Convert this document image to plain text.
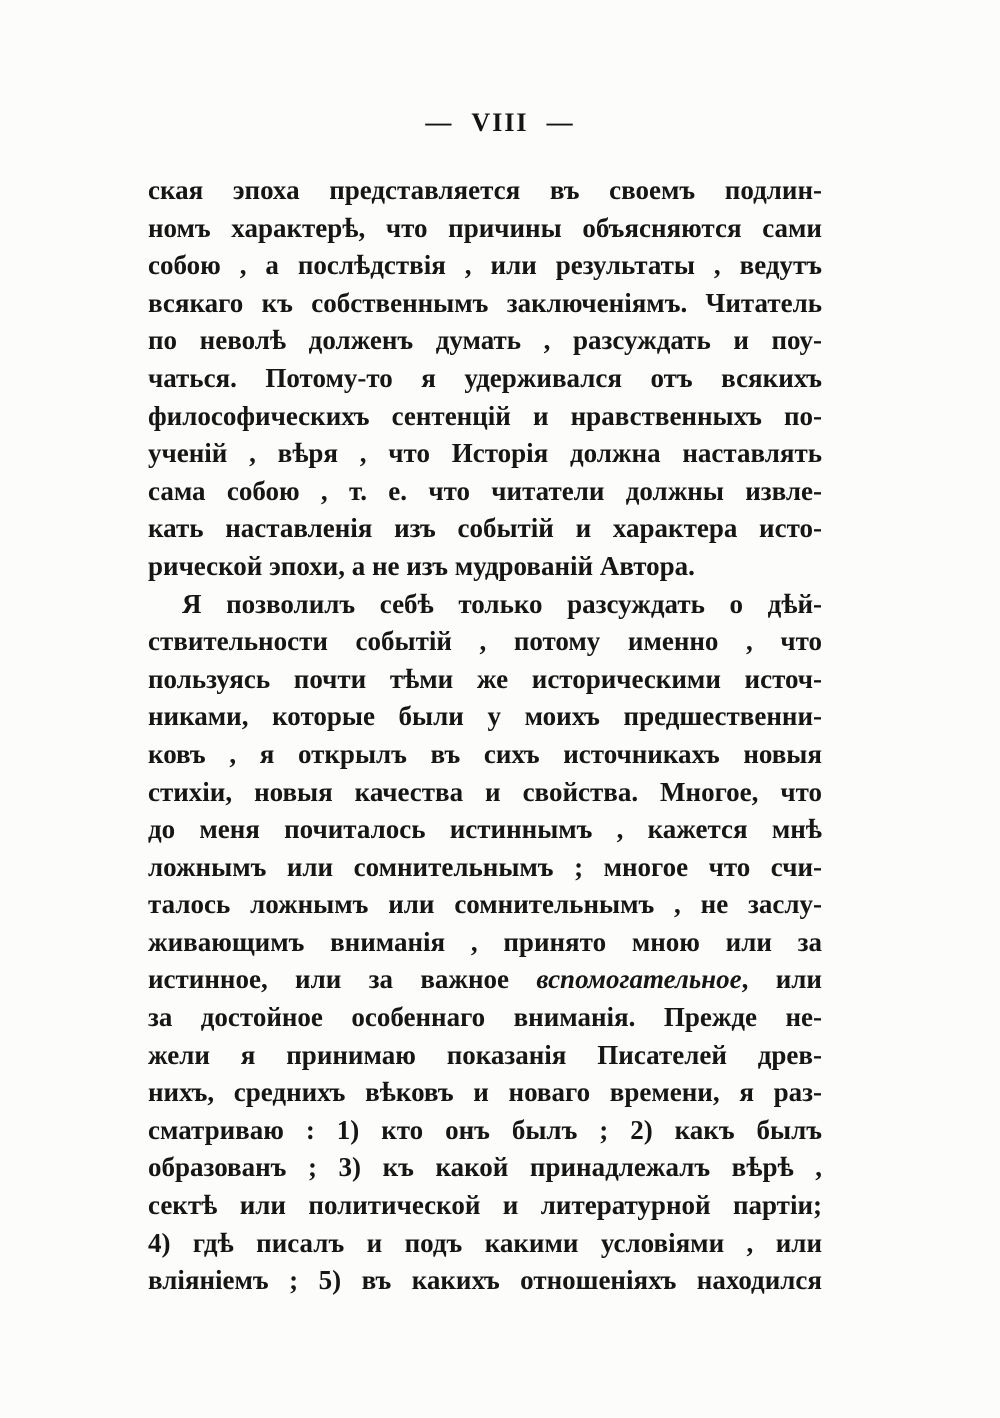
— VIII —
ская эпоха представляется въ своемъ подлин-
номъ характерѣ, что причины объясняются сами
собою , а послѣдствія , или результаты , ведутъ
всякаго къ собственнымъ заключеніямъ. Читатель
по неволѣ долженъ думать , разсуждать и поу-
чаться. Потому-то я удерживался отъ всякихъ
философическихъ сентенцій и нравственныхъ по-
ученій , вѣря , что Исторія должна наставлять
сама собою , т. е. что читатели должны извле-
кать наставленія изъ событій и характера исто-
рической эпохи, а не изъ мудрованій Автора.
Я позволилъ себѣ только разсуждать о дѣй-
ствительности событій , потому именно , что
пользуясь почти тѣми же историческими источ-
никами, которые были у моихъ предшественни-
ковъ , я открылъ въ сихъ источникахъ новыя
стихіи, новыя качества и свойства. Многое, что
до меня почиталось истиннымъ , кажется мнѣ
ложнымъ или сомнительнымъ ; многое что счи-
талось ложнымъ или сомнительнымъ , не заслу-
живающимъ вниманія , принято мною или за
истинное, или за важное вспомогательное, или
за достойное особеннаго вниманія. Прежде не-
жели я принимаю показанія Писателей древ-
нихъ, среднихъ вѣковъ и новаго времени, я раз-
сматриваю : 1) кто онъ былъ ; 2) какъ былъ
образованъ ; 3) къ какой принадлежалъ вѣрѣ ,
сектѣ или политической и литературной партіи;
4) гдѣ писалъ и подъ какими условіями , или
вліяніемъ ; 5) въ какихъ отношеніяхъ находился
